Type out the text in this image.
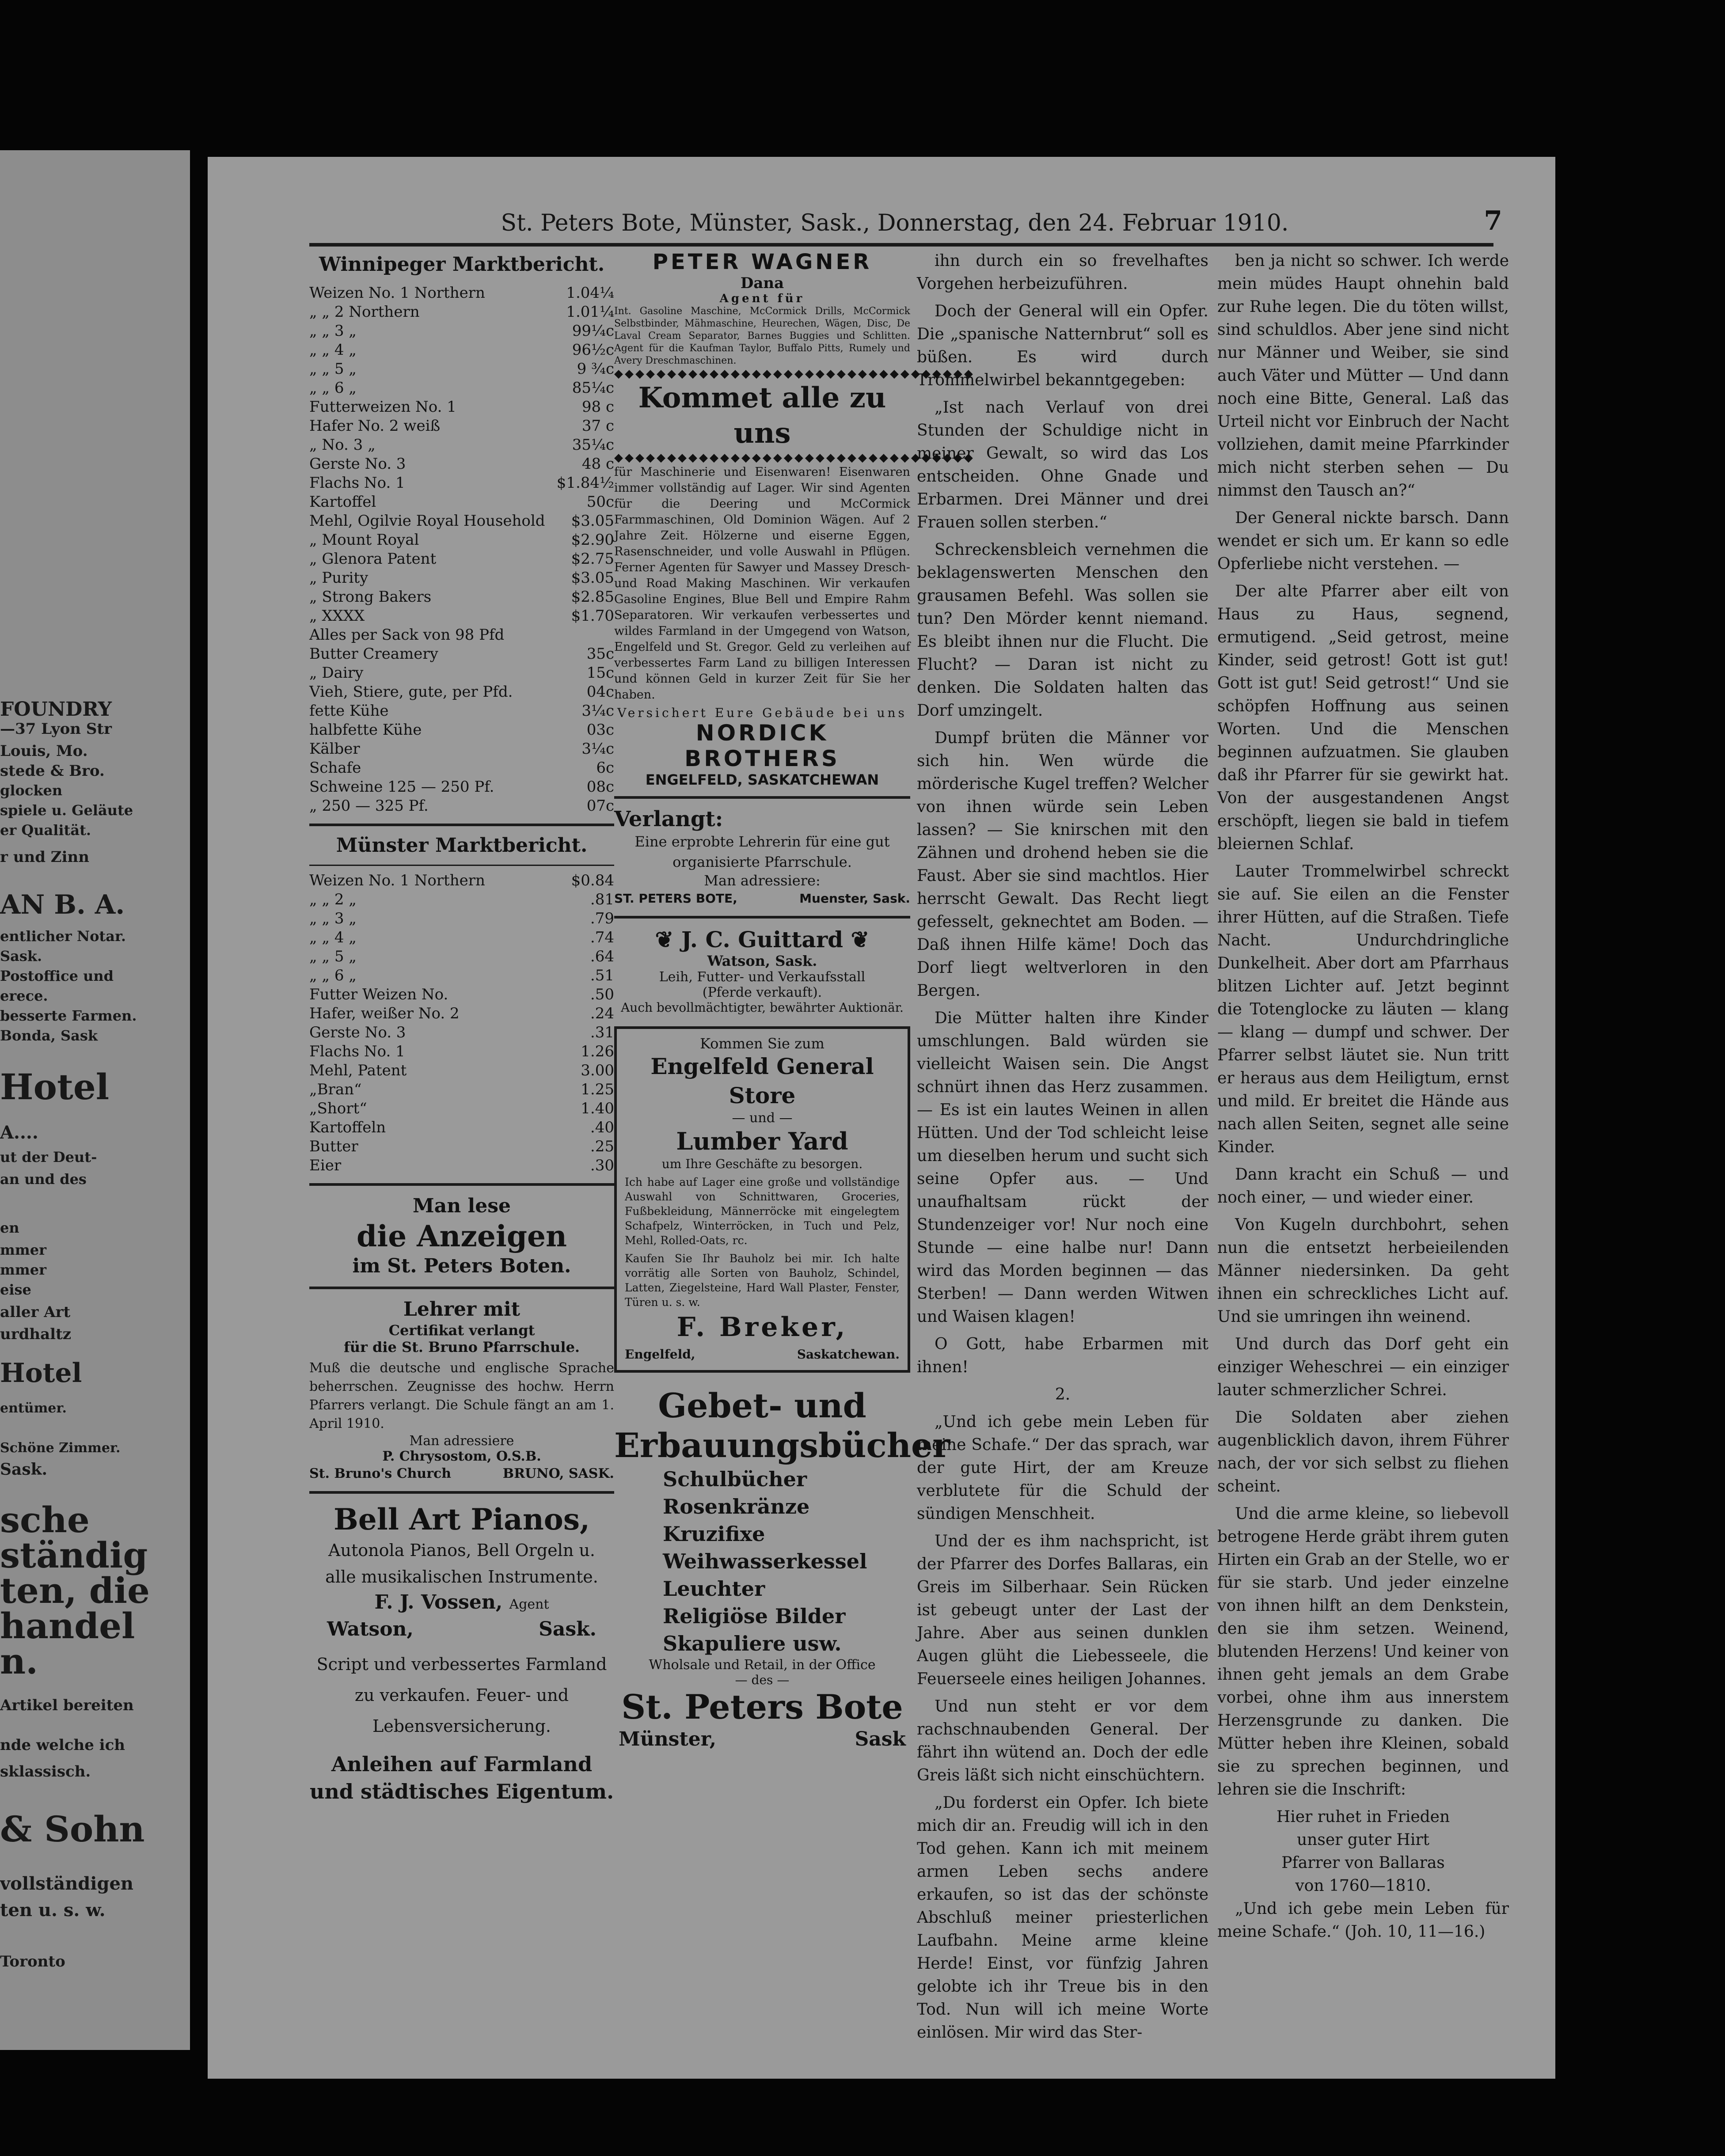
FOUNDRY
—37 Lyon Str
Louis, Mo.
stede & Bro.
glocken
spiele u. Geläute
er Qualität.
r und Zinn
AN B. A.
entlicher Notar.
Sask.
Postoffice und
erece.
besserte Farmen.
Bonda, Sask
Hotel
A....
ut der Deut-
an und des
en
mmer
mmer
eise
aller Art
urdhaltz
Hotel
entümer.
Schöne Zimmer.
Sask.
sche
ständig
ten, die
handel
n.
Artikel bereiten
nde welche ich
sklassisch.
& Sohn
vollständigen
ten u. s. w.
Toronto
St. Peters Bote, Münster, Sask., Donnerstag, den 24. Februar 1910.	7
Winnipeger Marktbericht.
Weizen No. 1 Northern	1.04¼
„ „ 2 Northern	1.01¼
„ „ 3 „	99¼c
„ „ 4 „	96½c
„ „ 5 „	9 ¾c
„ „ 6 „	85¼c
Futterweizen No. 1	98 c
Hafer No. 2 weiß	37 c
„ No. 3 „	35¼c
Gerste No. 3	48 c
Flachs No. 1	$1.84½
Kartoffel	50c
Mehl, Ogilvie Royal Household $3.05
„ Mount Royal	$2.90
„ Glenora Patent	$2.75
„ Purity	$3.05
„ Strong Bakers	$2.85
„ XXXX	$1.70
Alles per Sack von 98 Pfd
Butter Creamery	35c
„ Dairy	15c
Vieh, Stiere, gute, per Pfd.	04c
fette Kühe	3¼c
halbfette Kühe	03c
Kälber	3¼c
Schafe	6c
Schweine 125 — 250 Pf.	08c
„ 250 — 325 Pf.	07c
Münster Marktbericht.
Weizen No. 1 Northern	$0.84
„ „ 2 „	.81
„ „ 3 „	.79
„ „ 4 „	.74
„ „ 5 „	.64
„ „ 6 „	.51
Futter Weizen No.	.50
Hafer, weißer No. 2	.24
Gerste No. 3	.31
Flachs No. 1	1.26
Mehl, Patent	3.00
„Bran“	1.25
„Short“	1.40
Kartoffeln	.40
Butter	.25
Eier	.30
Man lese
die Anzeigen
im St. Peters Boten.
Lehrer mit
Certifikat verlangt
für die St. Bruno Pfarrschule.
Muß die deutsche und englische Sprache beherrschen. Zeugnisse des hochw. Herrn Pfarrers verlangt. Die Schule fängt an am 1. April 1910.
Man adressiere
P. Chrysostom, O.S.B.
St. Bruno's Church	BRUNO, SASK.
Bell Art Pianos,
Autonola Pianos, Bell Orgeln u.
alle musikalischen Instrumente.
F. J. Vossen, Agent
Watson,	Sask.
Script und verbessertes Farmland zu verkaufen. Feuer- und Lebensversicherung.
Anleihen auf Farmland und städtisches Eigentum.
PETER WAGNER
Dana
Agent für
Int. Gasoline Maschine, McCormick Drills, McCormick Selbstbinder, Mähmaschine, Heurechen, Wägen, Disc, De Laval Cream Separator, Barnes Buggies und Schlitten. Agent für die Kaufman Taylor, Buffalo Pitts, Rumely und Avery Dreschmaschinen.
◆◆◆◆◆◆◆◆◆◆◆◆◆◆◆◆◆◆◆◆◆◆◆◆◆◆◆◆◆◆◆◆◆◆
Kommet alle zu uns
◆◆◆◆◆◆◆◆◆◆◆◆◆◆◆◆◆◆◆◆◆◆◆◆◆◆◆◆◆◆◆◆◆◆
für Maschinerie und Eisenwaren! Eisenwaren immer vollständig auf Lager. Wir sind Agenten für die Deering und McCormick Farmmaschinen, Old Dominion Wägen. Auf 2 Jahre Zeit. Hölzerne und eiserne Eggen, Rasenschneider, und volle Auswahl in Pflügen. Ferner Agenten für Sawyer und Massey Dresch- und Road Making Maschinen. Wir verkaufen Gasoline Engines, Blue Bell und Empire Rahm Separatoren. Wir verkaufen verbessertes und wildes Farmland in der Umgegend von Watson, Engelfeld und St. Gregor. Geld zu verleihen auf verbessertes Farm Land zu billigen Interessen und können Geld in kurzer Zeit für Sie her haben.
Versichert Eure Gebäude bei uns
NORDICK BROTHERS
ENGELFELD, SASKATCHEWAN
Verlangt:
Eine erprobte Lehrerin für eine gut organisierte Pfarrschule.
Man adressiere:
ST. PETERS BOTE,	Muenster, Sask.
❦ J. C. Guittard ❦
Watson, Sask.
Leih, Futter- und Verkaufsstall
(Pferde verkauft).
Auch bevollmächtigter, bewährter Auktionär.
Kommen Sie zum
Engelfeld General Store
— und —
Lumber Yard
um Ihre Geschäfte zu besorgen.
Ich habe auf Lager eine große und vollständige Auswahl von Schnittwaren, Groceries, Fußbekleidung, Männerröcke mit eingelegtem Schafpelz, Winterröcken, in Tuch und Pelz, Mehl, Rolled-Oats, rc.
Kaufen Sie Ihr Bauholz bei mir. Ich halte vorrätig alle Sorten von Bauholz, Schindel, Latten, Ziegelsteine, Hard Wall Plaster, Fenster, Türen u. s. w.
F. Breker,
Engelfeld,	Saskatchewan.
Gebet- und
Erbauungsbücher
Schulbücher
Rosenkränze
Kruzifixe
Weihwasserkessel
Leuchter
Religiöse Bilder
Skapuliere usw.
Wholsale und Retail, in der Office
— des —
St. Peters Bote
Münster,	Sask
ihn durch ein so frevelhaftes Vorgehen herbeizuführen.
Doch der General will ein Opfer. Die „spanische Natternbrut“ soll es büßen. Es wird durch Trommelwirbel bekanntgegeben:
„Ist nach Verlauf von drei Stunden der Schuldige nicht in meiner Gewalt, so wird das Los entscheiden. Ohne Gnade und Erbarmen. Drei Männer und drei Frauen sollen sterben.“
Schreckensbleich vernehmen die beklagenswerten Menschen den grausamen Befehl. Was sollen sie tun? Den Mörder kennt niemand. Es bleibt ihnen nur die Flucht. Die Flucht? — Daran ist nicht zu denken. Die Soldaten halten das Dorf umzingelt.
Dumpf brüten die Männer vor sich hin. Wen würde die mörderische Kugel treffen? Welcher von ihnen würde sein Leben lassen? — Sie knirschen mit den Zähnen und drohend heben sie die Faust. Aber sie sind machtlos. Hier herrscht Gewalt. Das Recht liegt gefesselt, geknechtet am Boden. — Daß ihnen Hilfe käme! Doch das Dorf liegt weltverloren in den Bergen.
Die Mütter halten ihre Kinder umschlungen. Bald würden sie vielleicht Waisen sein. Die Angst schnürt ihnen das Herz zusammen. — Es ist ein lautes Weinen in allen Hütten. Und der Tod schleicht leise um dieselben herum und sucht sich seine Opfer aus. — Und unaufhaltsam rückt der Stundenzeiger vor! Nur noch eine Stunde — eine halbe nur! Dann wird das Morden beginnen — das Sterben! — Dann werden Witwen und Waisen klagen!
O Gott, habe Erbarmen mit ihnen!
2.
„Und ich gebe mein Leben für meine Schafe.“ Der das sprach, war der gute Hirt, der am Kreuze verblutete für die Schuld der sündigen Menschheit.
Und der es ihm nachspricht, ist der Pfarrer des Dorfes Ballaras, ein Greis im Silberhaar. Sein Rücken ist gebeugt unter der Last der Jahre. Aber aus seinen dunklen Augen glüht die Liebesseele, die Feuerseele eines heiligen Johannes.
Und nun steht er vor dem rachschnaubenden General. Der fährt ihn wütend an. Doch der edle Greis läßt sich nicht einschüchtern.
„Du forderst ein Opfer. Ich biete mich dir an. Freudig will ich in den Tod gehen. Kann ich mit meinem armen Leben sechs andere erkaufen, so ist das der schönste Abschluß meiner priesterlichen Laufbahn. Meine arme kleine Herde! Einst, vor fünfzig Jahren gelobte ich ihr Treue bis in den Tod. Nun will ich meine Worte einlösen. Mir wird das Ster-
ben ja nicht so schwer. Ich werde mein müdes Haupt ohnehin bald zur Ruhe legen. Die du töten willst, sind schuldlos. Aber jene sind nicht nur Männer und Weiber, sie sind auch Väter und Mütter — Und dann noch eine Bitte, General. Laß das Urteil nicht vor Einbruch der Nacht vollziehen, damit meine Pfarrkinder mich nicht sterben sehen — Du nimmst den Tausch an?“
Der General nickte barsch. Dann wendet er sich um. Er kann so edle Opferliebe nicht verstehen. —
Der alte Pfarrer aber eilt von Haus zu Haus, segnend, ermutigend. „Seid getrost, meine Kinder, seid getrost! Gott ist gut! Gott ist gut! Seid getrost!“ Und sie schöpfen Hoffnung aus seinen Worten. Und die Menschen beginnen aufzuatmen. Sie glauben daß ihr Pfarrer für sie gewirkt hat. Von der ausgestandenen Angst erschöpft, liegen sie bald in tiefem bleiernen Schlaf.
Lauter Trommelwirbel schreckt sie auf. Sie eilen an die Fenster ihrer Hütten, auf die Straßen. Tiefe Nacht. Undurchdringliche Dunkelheit. Aber dort am Pfarrhaus blitzen Lichter auf. Jetzt beginnt die Totenglocke zu läuten — klang — klang — dumpf und schwer. Der Pfarrer selbst läutet sie. Nun tritt er heraus aus dem Heiligtum, ernst und mild. Er breitet die Hände aus nach allen Seiten, segnet alle seine Kinder.
Dann kracht ein Schuß — und noch einer, — und wieder einer.
Von Kugeln durchbohrt, sehen nun die entsetzt herbeieilenden Männer niedersinken. Da geht ihnen ein schreckliches Licht auf. Und sie umringen ihn weinend.
Und durch das Dorf geht ein einziger Weheschrei — ein einziger lauter schmerzlicher Schrei.
Die Soldaten aber ziehen augenblicklich davon, ihrem Führer nach, der vor sich selbst zu fliehen scheint.
Und die arme kleine, so liebevoll betrogene Herde gräbt ihrem guten Hirten ein Grab an der Stelle, wo er für sie starb. Und jeder einzelne von ihnen hilft an dem Denkstein, den sie ihm setzen. Weinend, blutenden Herzens! Und keiner von ihnen geht jemals an dem Grabe vorbei, ohne ihm aus innerstem Herzensgrunde zu danken. Die Mütter heben ihre Kleinen, sobald sie zu sprechen beginnen, und lehren sie die Inschrift:
Hier ruhet in Frieden
unser guter Hirt
Pfarrer von Ballaras
von 1760—1810.
„Und ich gebe mein Leben für meine Schafe.“ (Joh. 10, 11—16.)
